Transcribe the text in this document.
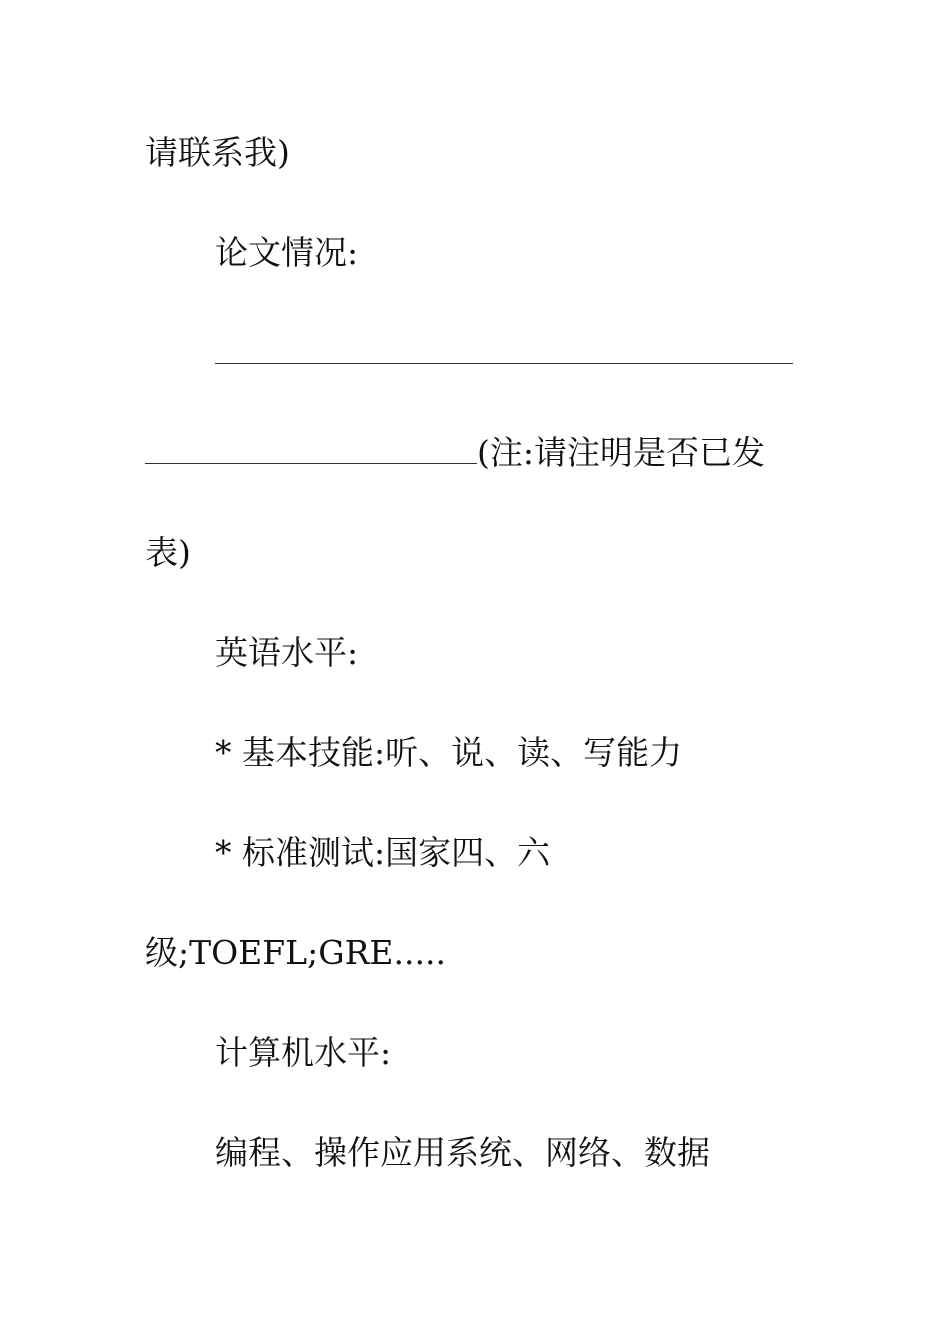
请联系我)
论文情况:
(注:请注明是否已发
表)
英语水平:
* 基本技能:听、说、读、写能力
* 标准测试:国家四、六
级;TOEFL;GRE.....
计算机水平:
编程、操作应用系统、网络、数据
